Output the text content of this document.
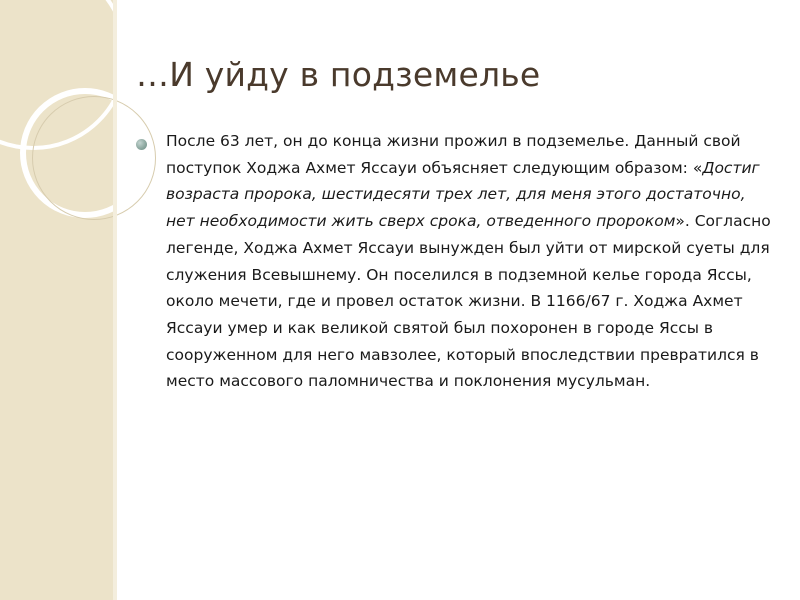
…И уйду в подземелье
После 63 лет, он до конца жизни прожил в подземелье. Данный свой поступок Ходжа Ахмет Яссауи объясняет следующим образом: «Достиг возраста пророка, шестидесяти трех лет, для меня этого достаточно, нет необходимости жить сверх срока, отведенного пророком». Согласно легенде, Ходжа Ахмет Яссауи вынужден был уйти от мирской суеты для служения Всевышнему. Он поселился в подземной келье города Яссы, около мечети, где и провел остаток жизни. В 1166/67 г. Ходжа Ахмет Яссауи умер и как великой святой был похоронен в городе Яссы в сооруженном для него мавзолее, который впоследствии превратился в место массового паломничества и поклонения мусульман.
